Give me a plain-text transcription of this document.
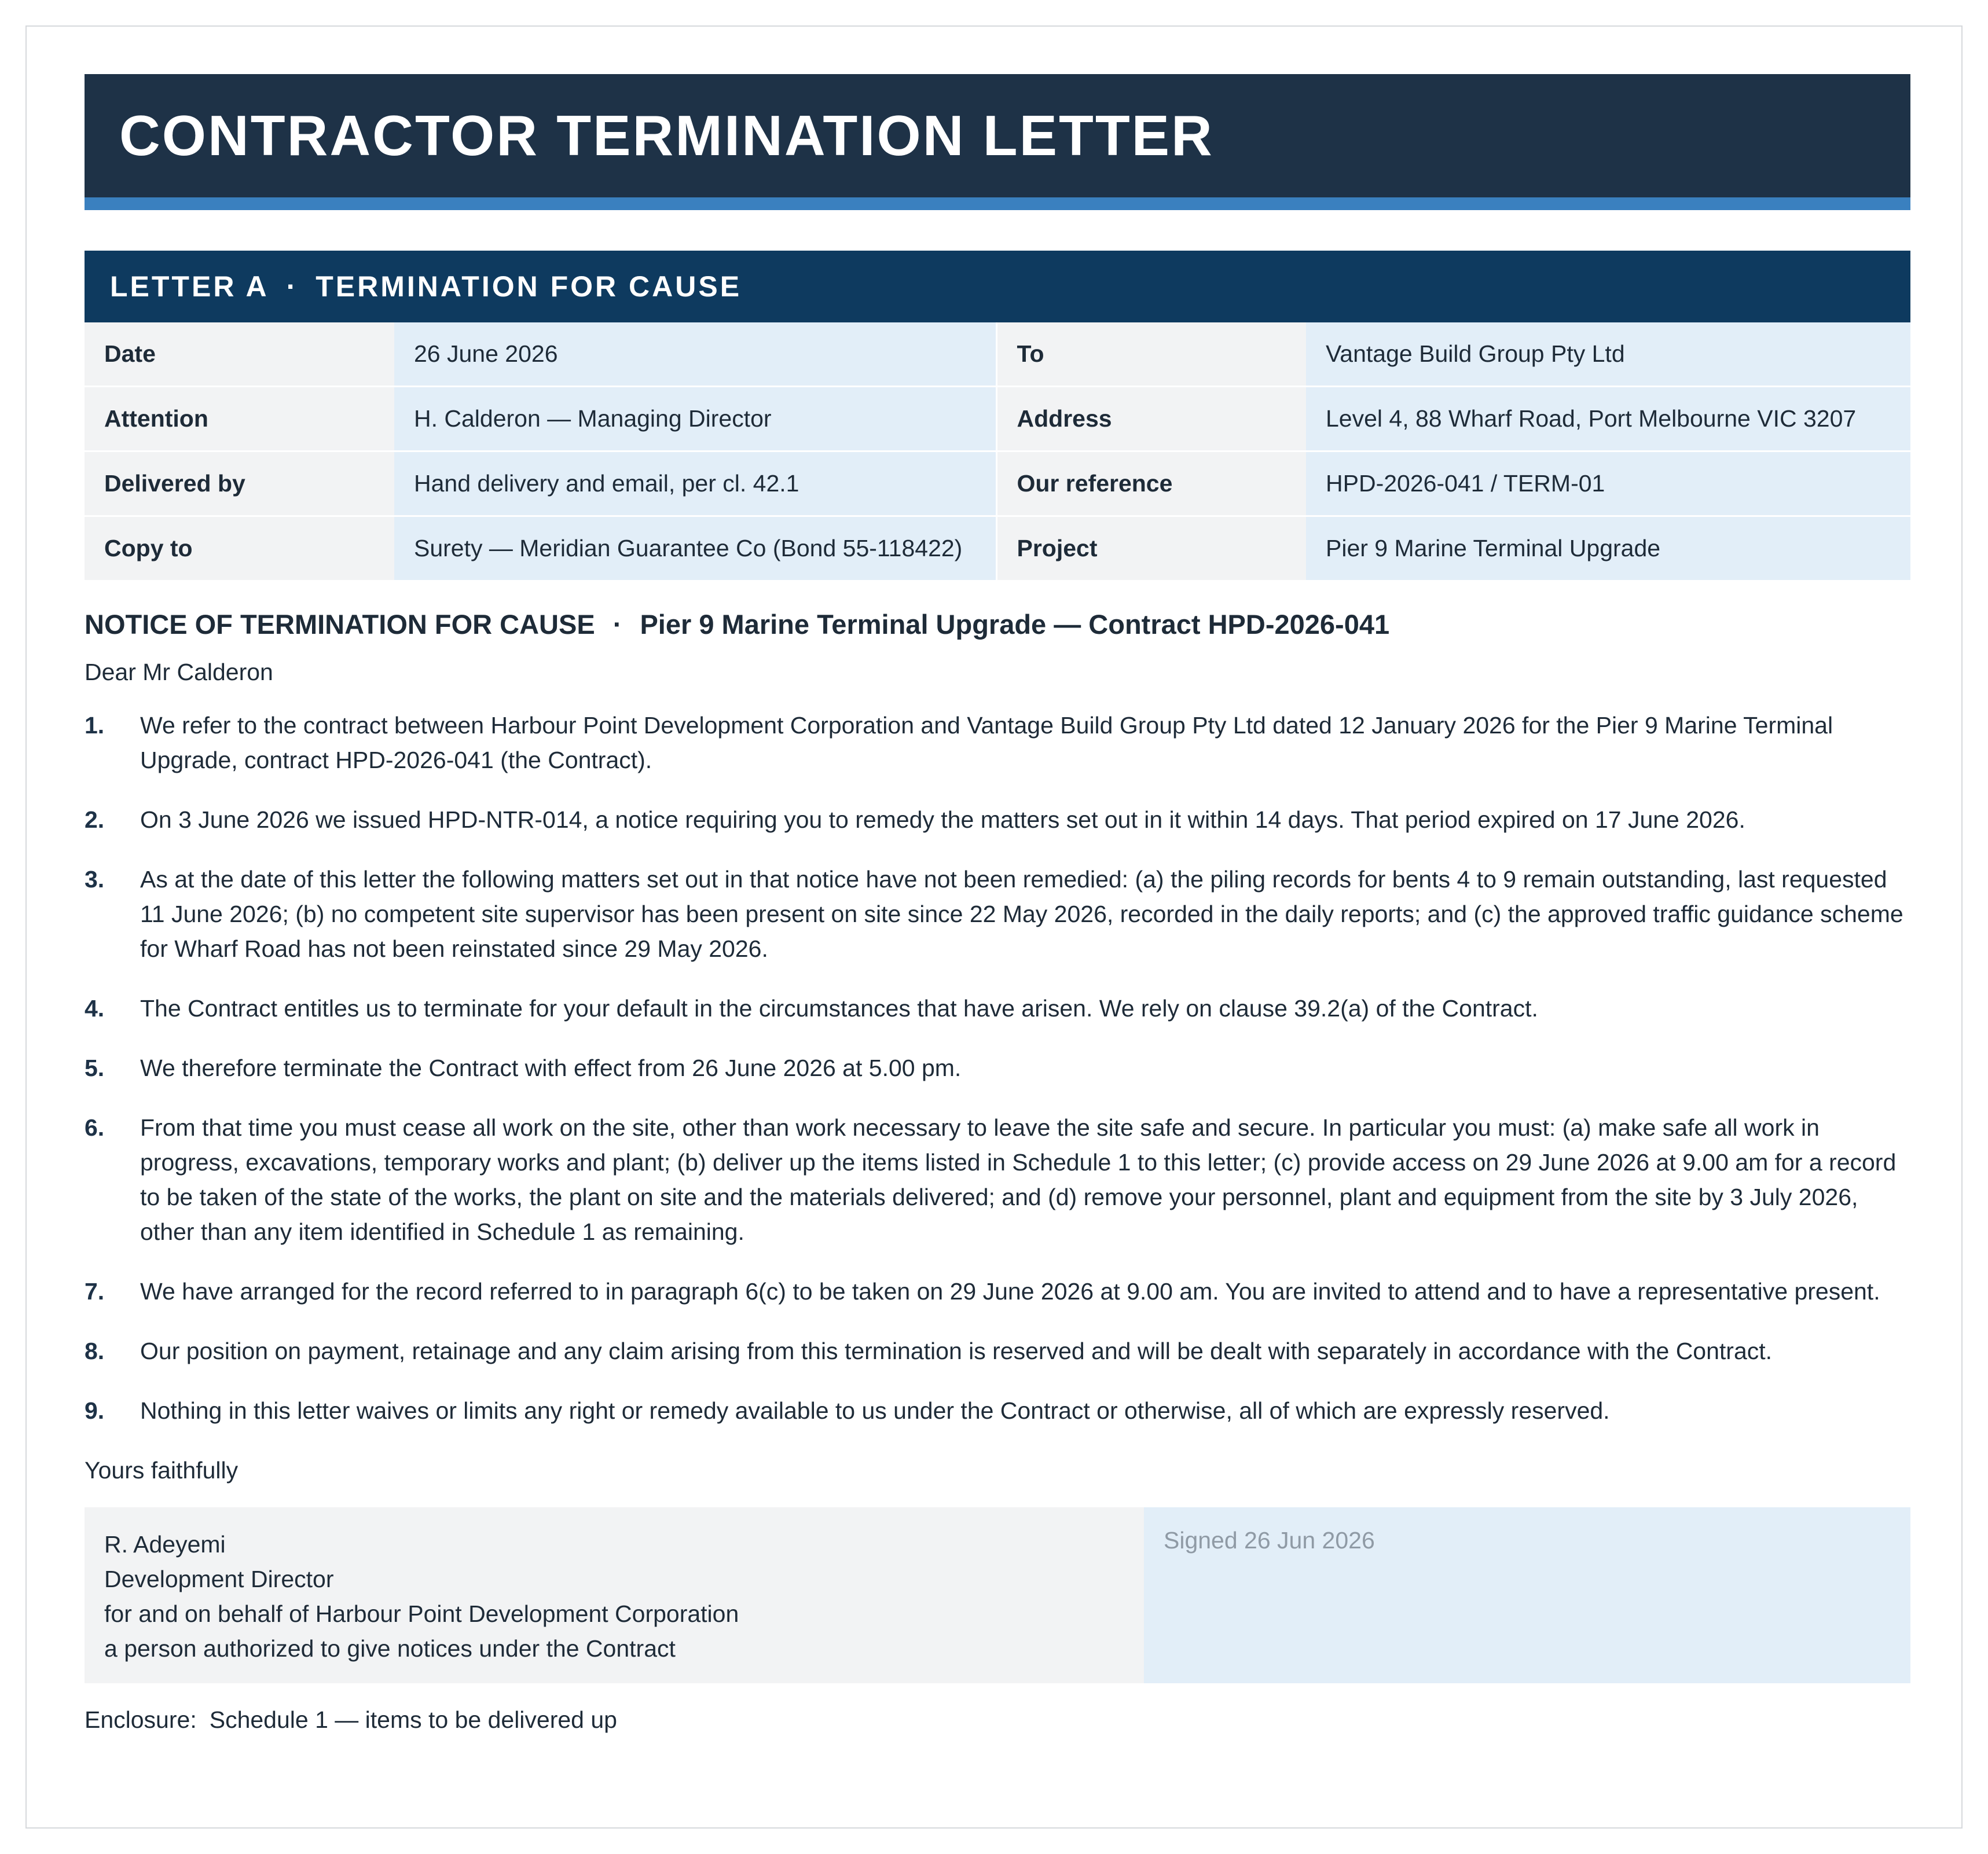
CONTRACTOR TERMINATION LETTER
LETTER A · TERMINATION FOR CAUSE
Date	26 June 2026	To	Vantage Build Group Pty Ltd
Attention	H. Calderon — Managing Director	Address	Level 4, 88 Wharf Road, Port Melbourne VIC 3207
Delivered by	Hand delivery and email, per cl. 42.1	Our reference	HPD-2026-041 / TERM-01
Copy to	Surety — Meridian Guarantee Co (Bond 55-118422)	Project	Pier 9 Marine Terminal Upgrade
NOTICE OF TERMINATION FOR CAUSE · Pier 9 Marine Terminal Upgrade — Contract HPD-2026-041
Dear Mr Calderon
1.	We refer to the contract between Harbour Point Development Corporation and Vantage Build Group Pty Ltd dated 12 January 2026 for the Pier 9 Marine Terminal Upgrade, contract HPD-2026-041 (the Contract).
2.	On 3 June 2026 we issued HPD-NTR-014, a notice requiring you to remedy the matters set out in it within 14 days. That period expired on 17 June 2026.
3.	As at the date of this letter the following matters set out in that notice have not been remedied: (a) the piling records for bents 4 to 9 remain outstanding, last requested 11 June 2026; (b) no competent site supervisor has been present on site since 22 May 2026, recorded in the daily reports; and (c) the approved traffic guidance scheme for Wharf Road has not been reinstated since 29 May 2026.
4.	The Contract entitles us to terminate for your default in the circumstances that have arisen. We rely on clause 39.2(a) of the Contract.
5.	We therefore terminate the Contract with effect from 26 June 2026 at 5.00 pm.
6.	From that time you must cease all work on the site, other than work necessary to leave the site safe and secure. In particular you must: (a) make safe all work in progress, excavations, temporary works and plant; (b) deliver up the items listed in Schedule 1 to this letter; (c) provide access on 29 June 2026 at 9.00 am for a record to be taken of the state of the works, the plant on site and the materials delivered; and (d) remove your personnel, plant and equipment from the site by 3 July 2026, other than any item identified in Schedule 1 as remaining.
7.	We have arranged for the record referred to in paragraph 6(c) to be taken on 29 June 2026 at 9.00 am. You are invited to attend and to have a representative present.
8.	Our position on payment, retainage and any claim arising from this termination is reserved and will be dealt with separately in accordance with the Contract.
9.	Nothing in this letter waives or limits any right or remedy available to us under the Contract or otherwise, all of which are expressly reserved.
Yours faithfully
R. Adeyemi
Development Director
for and on behalf of Harbour Point Development Corporation
a person authorized to give notices under the Contract
Signed 26 Jun 2026
Enclosure: Schedule 1 — items to be delivered up
